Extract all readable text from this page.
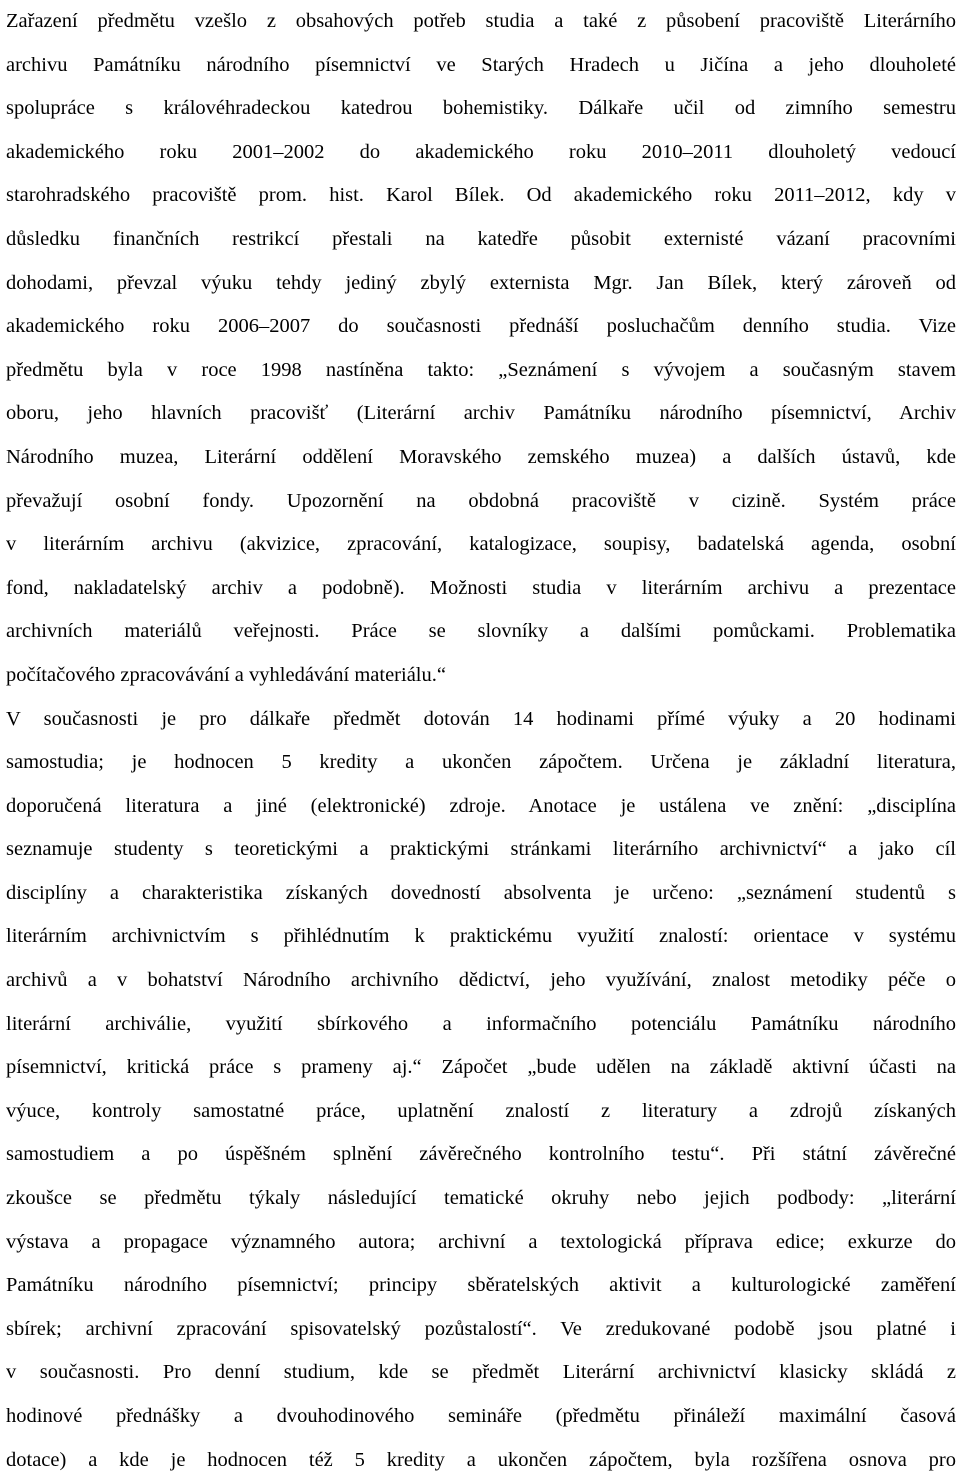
Zařazení předmětu vzešlo z obsahových potřeb studia a také z působení pracoviště Literárního
archivu Památníku národního písemnictví ve Starých Hradech u Jičína a jeho dlouholeté
spolupráce s královéhradeckou katedrou bohemistiky. Dálkaře učil od zimního semestru
akademického roku 2001–2002 do akademického roku 2010–2011 dlouholetý vedoucí
starohradského pracoviště prom. hist. Karol Bílek. Od akademického roku 2011–2012, kdy v
důsledku finančních restrikcí přestali na katedře působit externisté vázaní pracovními
dohodami, převzal výuku tehdy jediný zbylý externista Mgr. Jan Bílek, který zároveň od
akademického roku 2006–2007 do současnosti přednáší posluchačům denního studia. Vize
předmětu byla v roce 1998 nastíněna takto: „Seznámení s vývojem a současným stavem
oboru, jeho hlavních pracovišť (Literární archiv Památníku národního písemnictví, Archiv
Národního muzea, Literární oddělení Moravského zemského muzea) a dalších ústavů, kde
převažují osobní fondy. Upozornění na obdobná pracoviště v cizině. Systém práce
v literárním archivu (akvizice, zpracování, katalogizace, soupisy, badatelská agenda, osobní
fond, nakladatelský archiv a podobně). Možnosti studia v literárním archivu a prezentace
archivních materiálů veřejnosti. Práce se slovníky a dalšími pomůckami. Problematika
počítačového zpracovávání a vyhledávání materiálu.“
V současnosti je pro dálkaře předmět dotován 14 hodinami přímé výuky a 20 hodinami
samostudia; je hodnocen 5 kredity a ukončen zápočtem. Určena je základní literatura,
doporučená literatura a jiné (elektronické) zdroje. Anotace je ustálena ve znění: „disciplína
seznamuje studenty s teoretickými a praktickými stránkami literárního archivnictví“ a jako cíl
disciplíny a charakteristika získaných dovedností absolventa je určeno: „seznámení studentů s
literárním archivnictvím s přihlédnutím k praktickému využití znalostí: orientace v systému
archivů a v bohatství Národního archivního dědictví, jeho využívání, znalost metodiky péče o
literární archiválie, využití sbírkového a informačního potenciálu Památníku národního
písemnictví, kritická práce s prameny aj.“ Zápočet „bude udělen na základě aktivní účasti na
výuce, kontroly samostatné práce, uplatnění znalostí z literatury a zdrojů získaných
samostudiem a po úspěšném splnění závěrečného kontrolního testu“. Při státní závěrečné
zkoušce se předmětu týkaly následující tematické okruhy nebo jejich podbody: „literární
výstava a propagace významného autora; archivní a textologická příprava edice; exkurze do
Památníku národního písemnictví; principy sběratelských aktivit a kulturologické zaměření
sbírek; archivní zpracování spisovatelský pozůstalostí“. Ve zredukované podobě jsou platné i
v současnosti. Pro denní studium, kde se předmět Literární archivnictví klasicky skládá z
hodinové přednášky a dvouhodinového semináře (předmětu přináleží maximální časová
dotace) a kde je hodnocen též 5 kredity a ukončen zápočtem, byla rozšířena osnova pro
